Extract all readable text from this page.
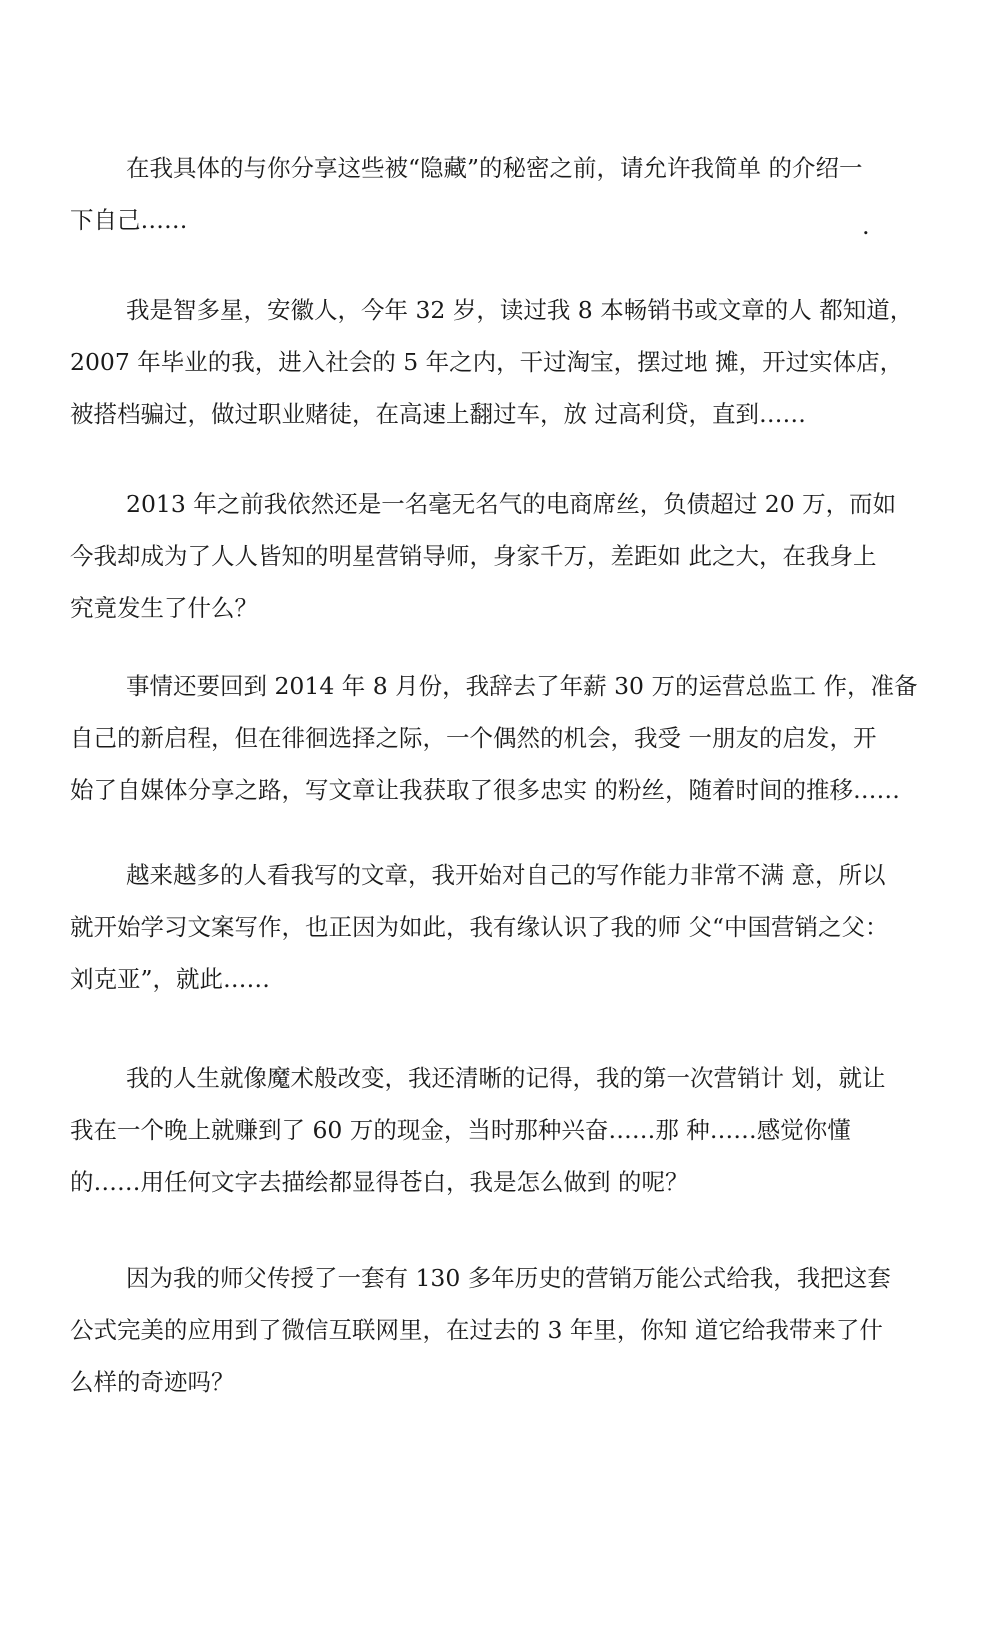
在我具体的与你分享这些被“隐藏”的秘密之前，请允许我简单 的介绍一
下自己……	.
我是智多星，安徽人，今年 32 岁，读过我 8 本畅销书或文章的人 都知道，
2007 年毕业的我，进入社会的 5 年之内，干过淘宝，摆过地 摊，开过实体店，
被搭档骗过，做过职业赌徒，在高速上翻过车，放 过高利贷，直到……
2013 年之前我依然还是一名毫无名气的电商席丝，负债超过 20 万，而如
今我却成为了人人皆知的明星营销导师，身家千万，差距如 此之大，在我身上
究竟发生了什么？
事情还要回到 2014 年 8 月份，我辞去了年薪 30 万的运营总监工 作，准备
自己的新启程，但在徘徊选择之际，一个偶然的机会，我受 一朋友的启发，开
始了自媒体分享之路，写文章让我获取了很多忠实 的粉丝，随着时间的推移……
越来越多的人看我写的文章，我开始对自己的写作能力非常不满 意，所以
就开始学习文案写作，也正因为如此，我有缘认识了我的师 父“中国营销之父：
刘克亚”，就此……
我的人生就像魔术般改变，我还清晰的记得，我的第一次营销计 划，就让
我在一个晚上就赚到了 60 万的现金，当时那种兴奋……那 种……感觉你懂
的……用任何文字去描绘都显得苍白，我是怎么做到 的呢？
因为我的师父传授了一套有 130 多年历史的营销万能公式给我，我把这套
公式完美的应用到了微信互联网里，在过去的 3 年里，你知 道它给我带来了什
么样的奇迹吗？
